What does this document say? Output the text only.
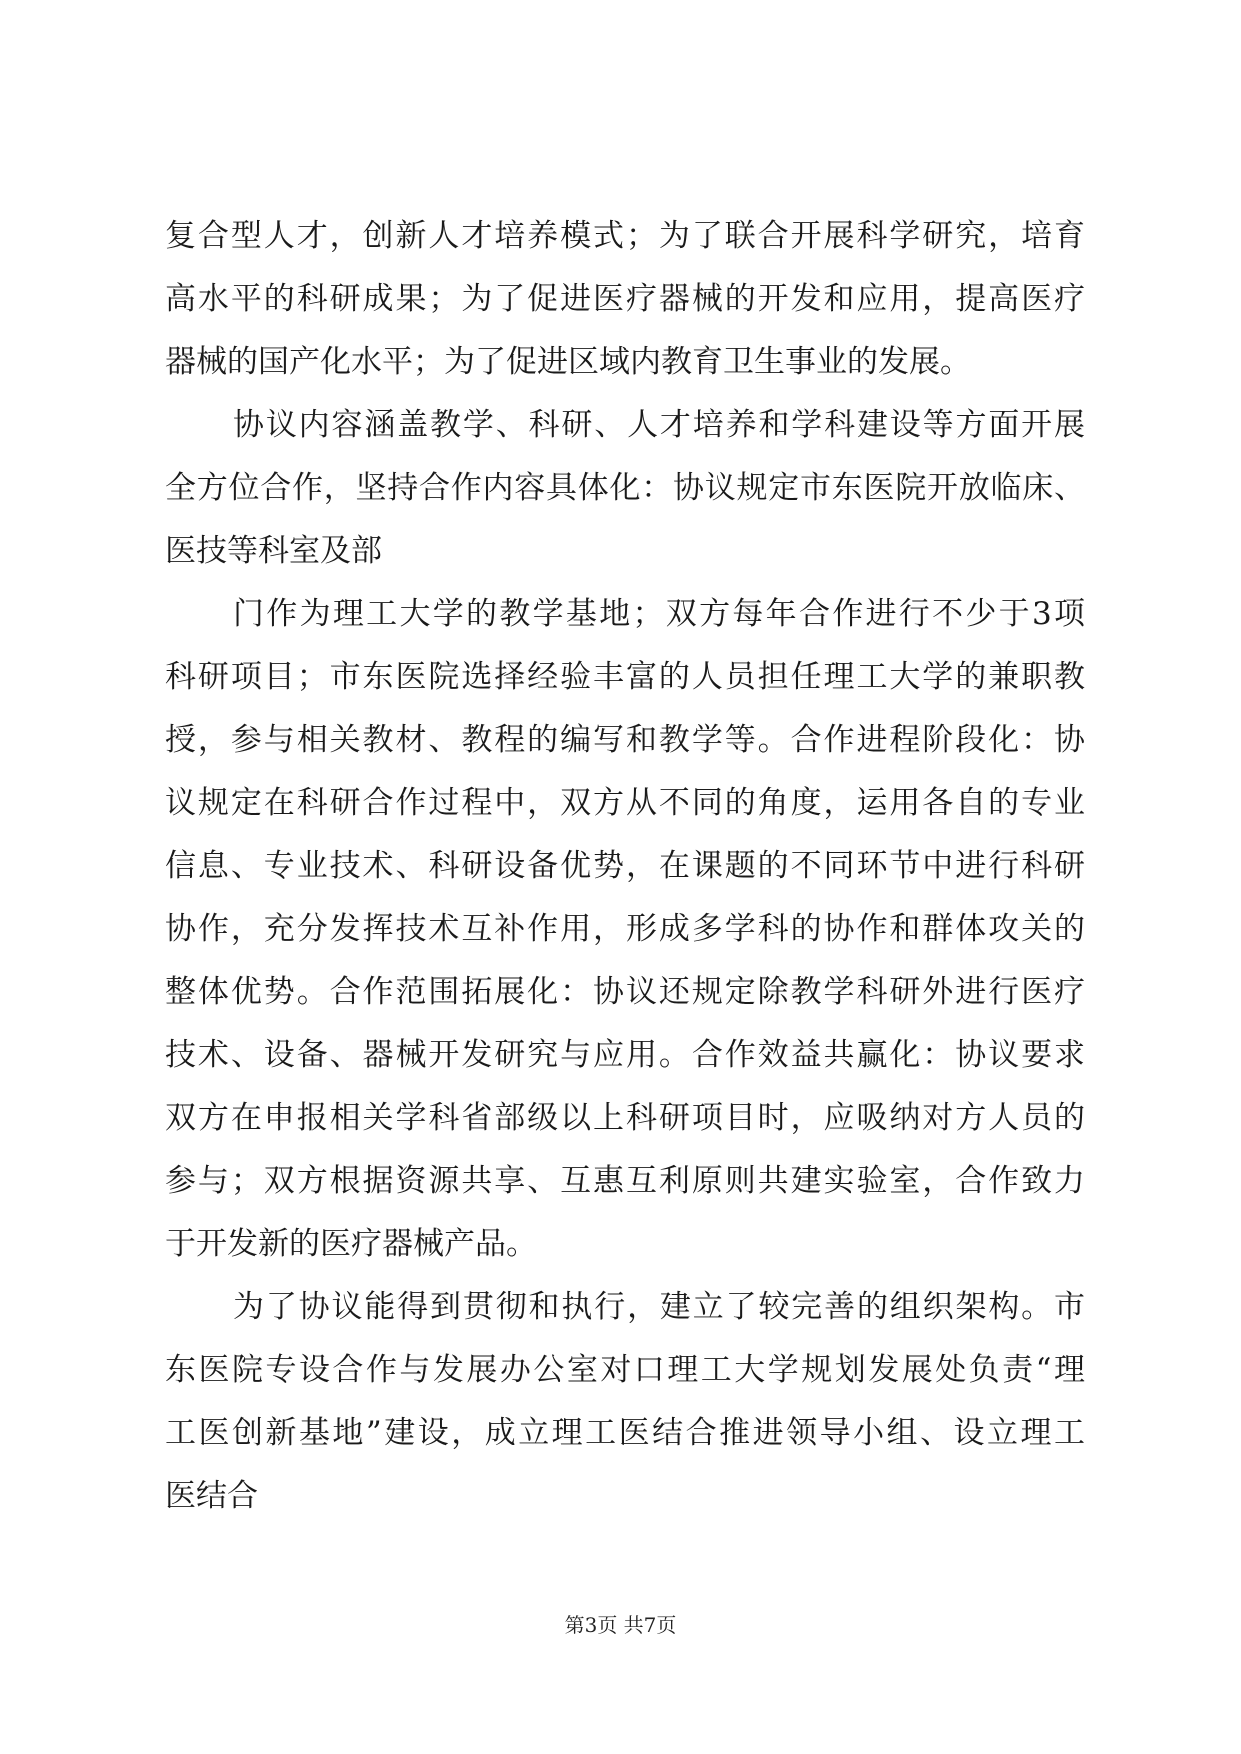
复合型人才，创新人才培养模式；为了联合开展科学研究，培育
高水平的科研成果；为了促进医疗器械的开发和应用，提高医疗
器械的国产化水平；为了促进区域内教育卫生事业的发展。
协议内容涵盖教学、科研、人才培养和学科建设等方面开展
全方位合作，坚持合作内容具体化：协议规定市东医院开放临床、
医技等科室及部
门作为理工大学的教学基地；双方每年合作进行不少于3项
科研项目；市东医院选择经验丰富的人员担任理工大学的兼职教
授，参与相关教材、教程的编写和教学等。合作进程阶段化：协
议规定在科研合作过程中，双方从不同的角度，运用各自的专业
信息、专业技术、科研设备优势，在课题的不同环节中进行科研
协作，充分发挥技术互补作用，形成多学科的协作和群体攻关的
整体优势。合作范围拓展化：协议还规定除教学科研外进行医疗
技术、设备、器械开发研究与应用。合作效益共赢化：协议要求
双方在申报相关学科省部级以上科研项目时，应吸纳对方人员的
参与；双方根据资源共享、互惠互利原则共建实验室，合作致力
于开发新的医疗器械产品。
为了协议能得到贯彻和执行，建立了较完善的组织架构。市
东医院专设合作与发展办公室对口理工大学规划发展处负责“理
工医创新基地”建设，成立理工医结合推进领导小组、设立理工
医结合
第3页 共7页
